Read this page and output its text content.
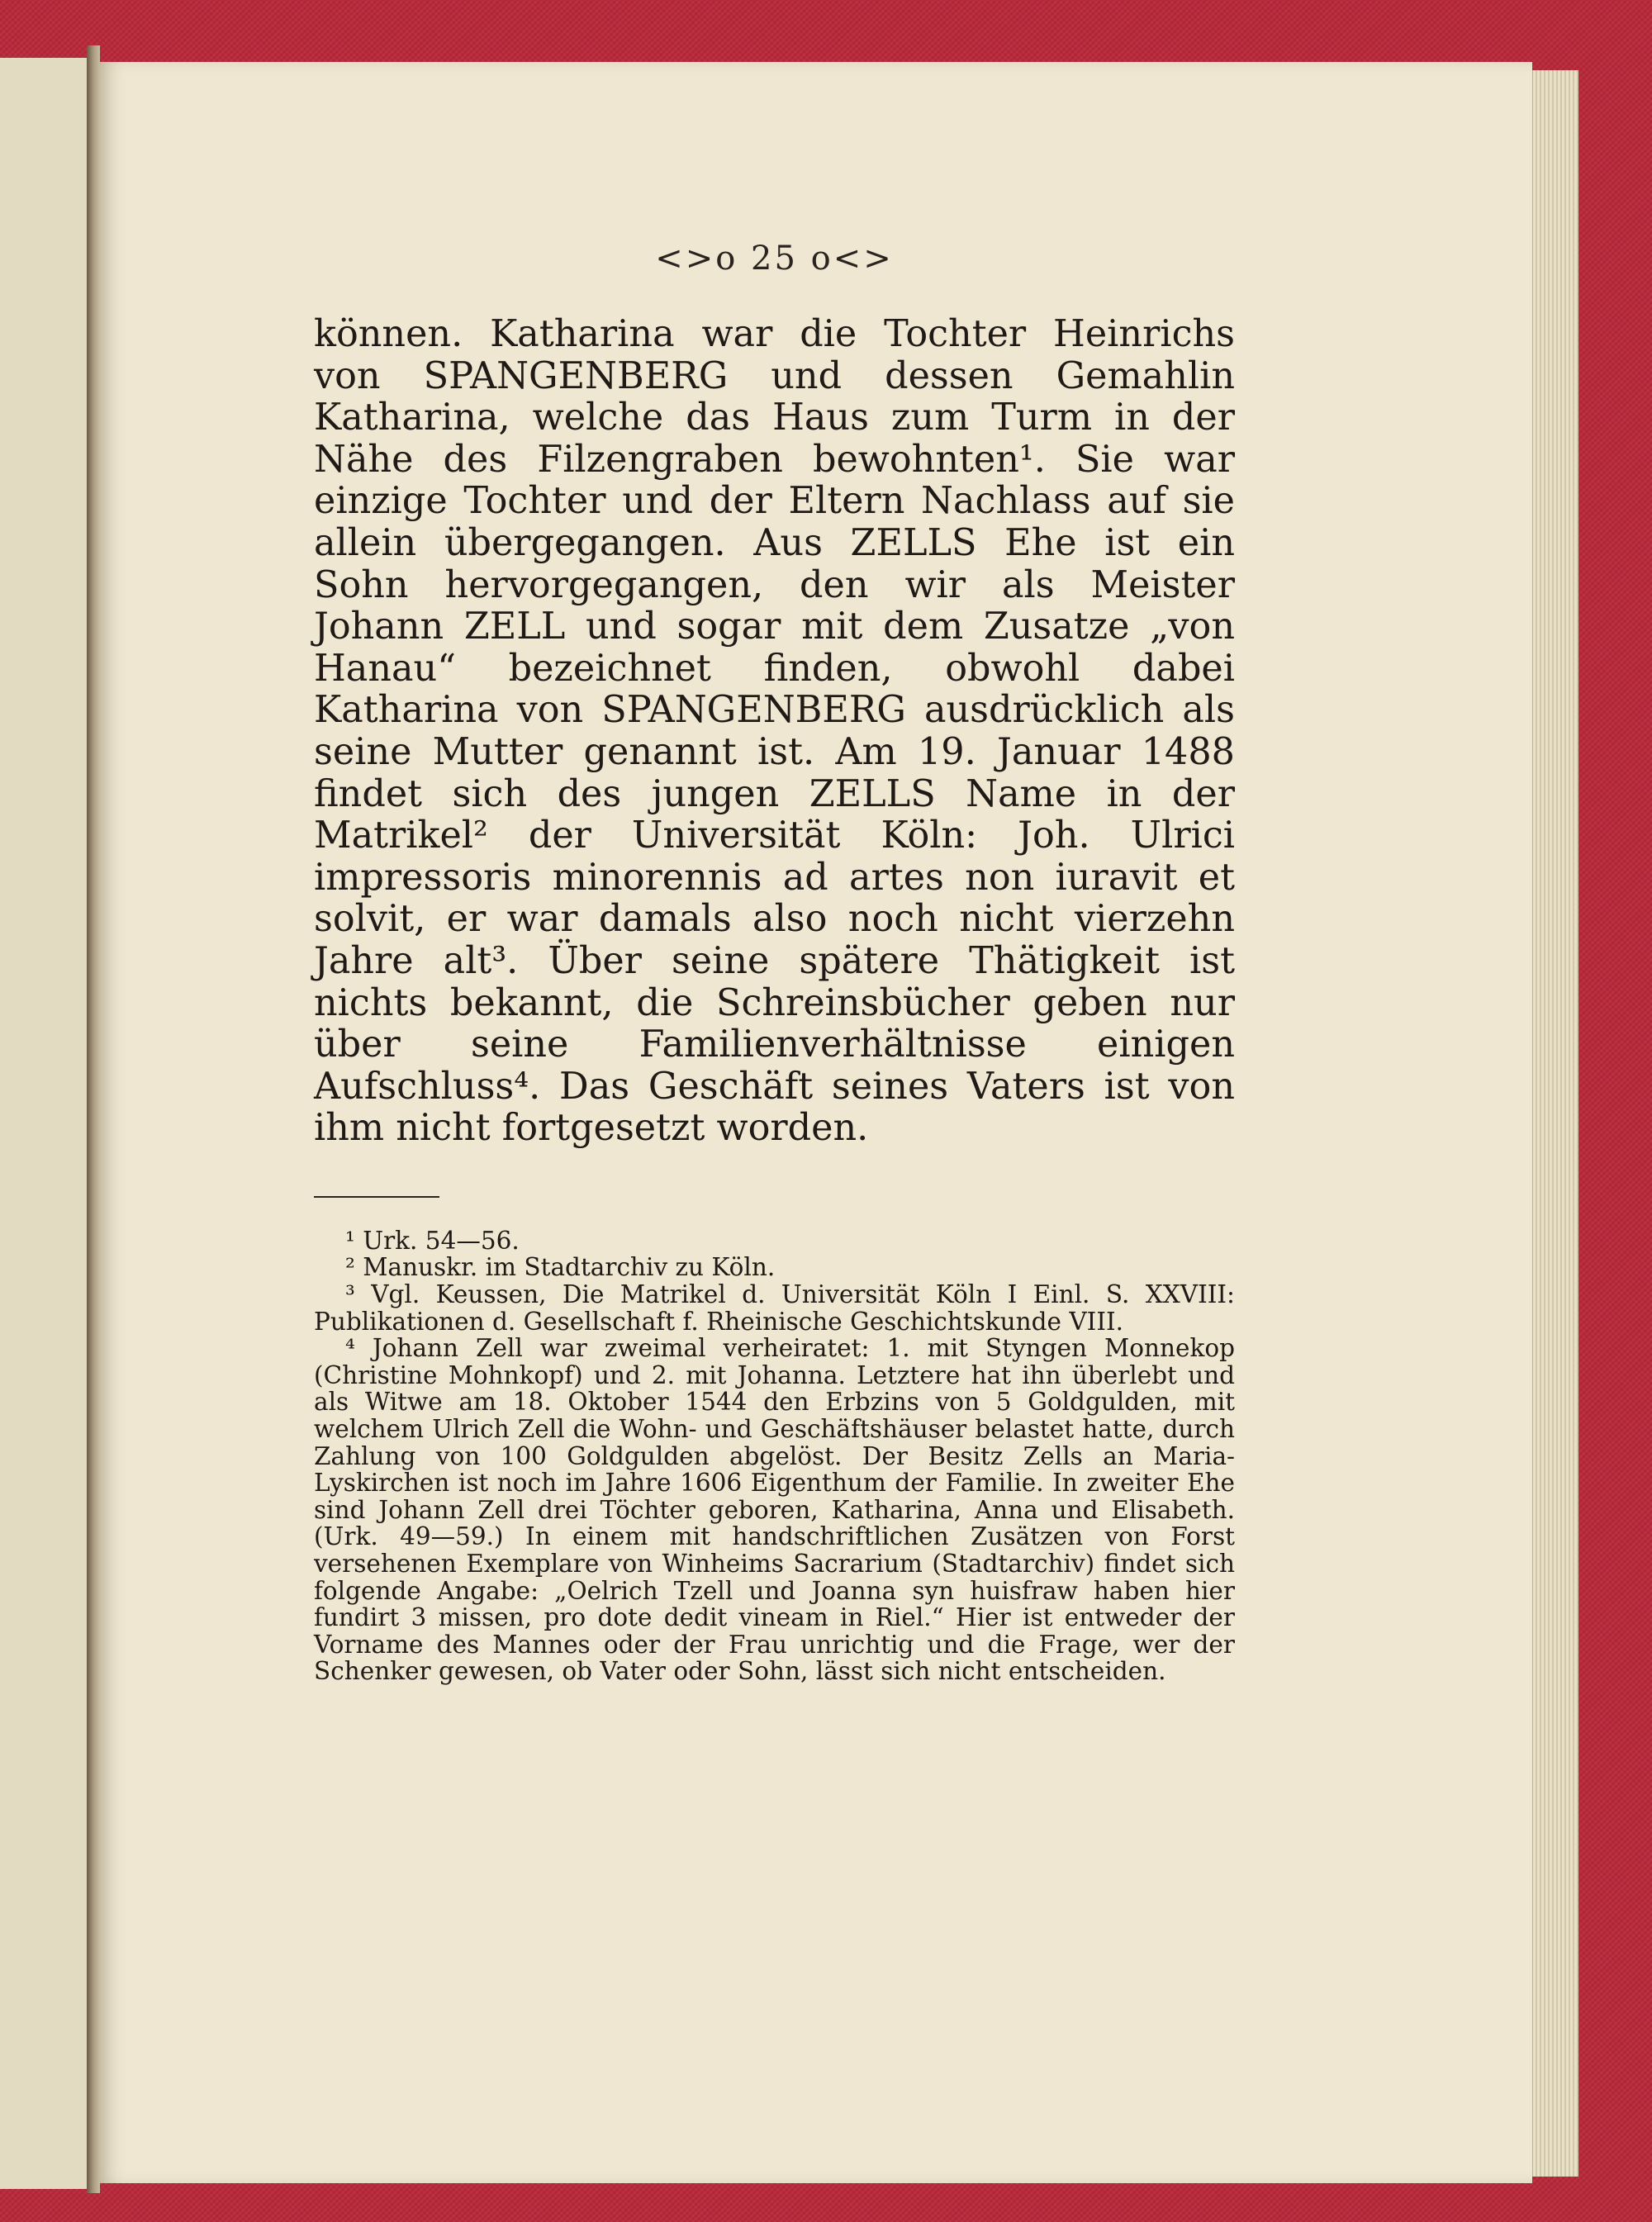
<>o 25 o<>

können. Katharina war die Tochter Heinrichs von SPANGENBERG und dessen Gemahlin Katharina, welche das Haus zum Turm in der Nähe des Filzengraben bewohnten¹. Sie war einzige Tochter und der Eltern Nachlass auf sie allein übergegangen. Aus ZELLS Ehe ist ein Sohn hervorgegangen, den wir als Meister Johann ZELL und sogar mit dem Zusatze „von Hanau“ bezeichnet finden, obwohl dabei Katharina von SPANGENBERG ausdrücklich als seine Mutter genannt ist. Am 19. Januar 1488 findet sich des jungen ZELLS Name in der Matrikel² der Universität Köln: Joh. Ulrici impressoris minorennis ad artes non iuravit et solvit, er war damals also noch nicht vierzehn Jahre alt³. Über seine spätere Thätigkeit ist nichts bekannt, die Schreinsbücher geben nur über seine Familienverhältnisse einigen Aufschluss⁴. Das Geschäft seines Vaters ist von ihm nicht fortgesetzt worden.

¹ Urk. 54—56.

² Manuskr. im Stadtarchiv zu Köln.

³ Vgl. Keussen, Die Matrikel d. Universität Köln I Einl. S. XXVIII: Publikationen d. Gesellschaft f. Rheinische Geschichtskunde VIII.

⁴ Johann Zell war zweimal verheiratet: 1. mit Styngen Monnekop (Christine Mohnkopf) und 2. mit Johanna. Letztere hat ihn überlebt und als Witwe am 18. Oktober 1544 den Erbzins von 5 Goldgulden, mit welchem Ulrich Zell die Wohn- und Geschäftshäuser belastet hatte, durch Zahlung von 100 Goldgulden abgelöst. Der Besitz Zells an Maria-Lyskirchen ist noch im Jahre 1606 Eigenthum der Familie. In zweiter Ehe sind Johann Zell drei Töchter geboren, Katharina, Anna und Elisabeth. (Urk. 49—59.) In einem mit handschriftlichen Zusätzen von Forst versehenen Exemplare von Winheims Sacrarium (Stadtarchiv) findet sich folgende Angabe: „Oelrich Tzell und Joanna syn huisfraw haben hier fundirt 3 missen, pro dote dedit vineam in Riel.“ Hier ist entweder der Vorname des Mannes oder der Frau unrichtig und die Frage, wer der Schenker gewesen, ob Vater oder Sohn, lässt sich nicht entscheiden.
